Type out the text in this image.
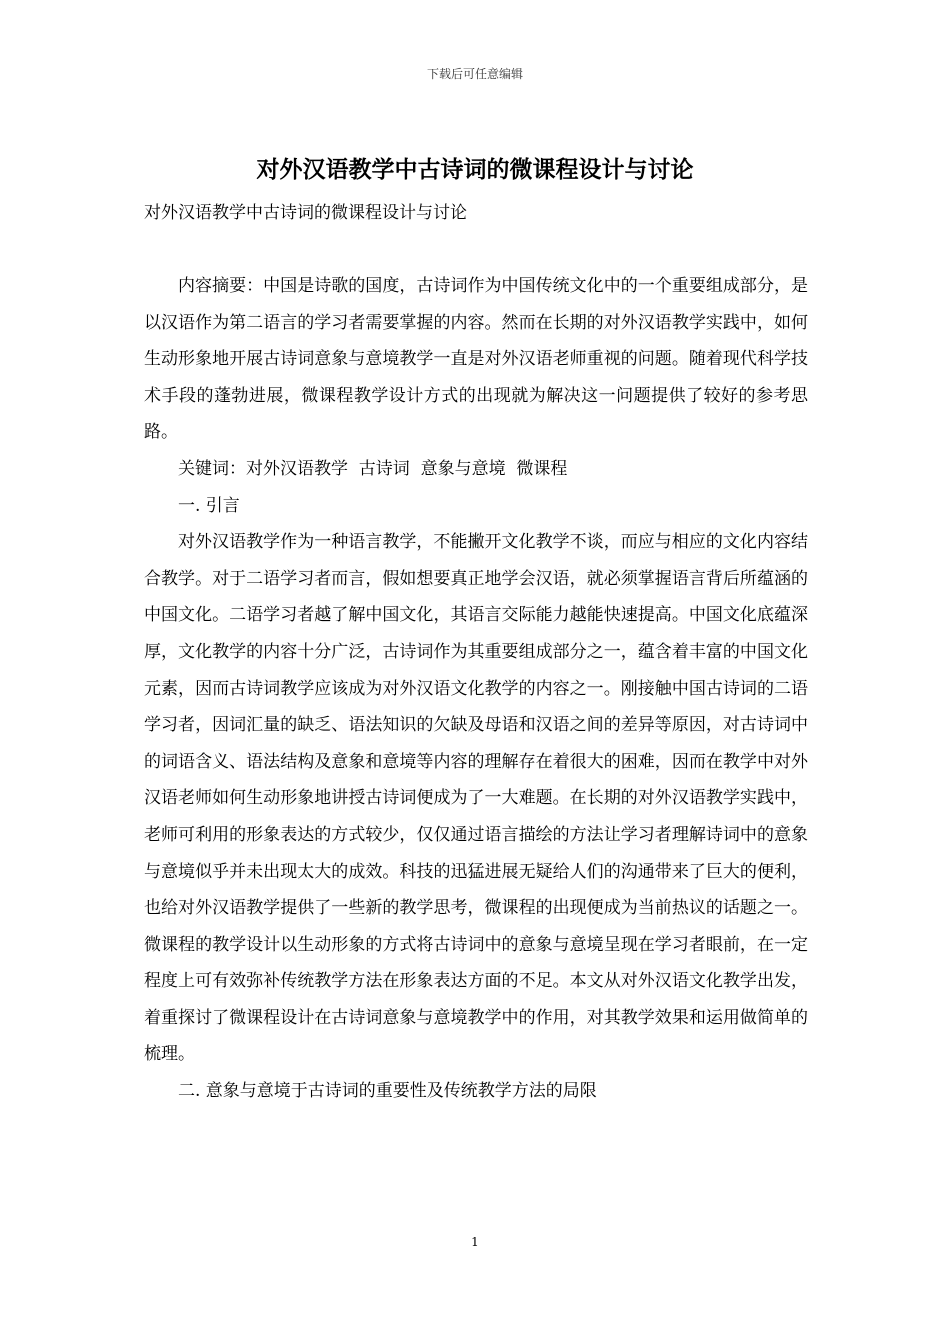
下载后可任意编辑
对外汉语教学中古诗词的微课程设计与讨论

对外汉语教学中古诗词的微课程设计与讨论

内容摘要：中国是诗歌的国度，古诗词作为中国传统文化中的一个重要组成部分，是以汉语作为第二语言的学习者需要掌握的内容。然而在长期的对外汉语教学实践中，如何生动形象地开展古诗词意象与意境教学一直是对外汉语老师重视的问题。随着现代科学技术手段的蓬勃进展，微课程教学设计方式的出现就为解决这一问题提供了较好的参考思路。

关键词：对外汉语教学  古诗词  意象与意境  微课程

一. 引言

对外汉语教学作为一种语言教学，不能撇开文化教学不谈，而应与相应的文化内容结合教学。对于二语学习者而言，假如想要真正地学会汉语，就必须掌握语言背后所蕴涵的中国文化。二语学习者越了解中国文化，其语言交际能力越能快速提高。中国文化底蕴深厚，文化教学的内容十分广泛，古诗词作为其重要组成部分之一，蕴含着丰富的中国文化元素，因而古诗词教学应该成为对外汉语文化教学的内容之一。刚接触中国古诗词的二语学习者，因词汇量的缺乏、语法知识的欠缺及母语和汉语之间的差异等原因，对古诗词中的词语含义、语法结构及意象和意境等内容的理解存在着很大的困难，因而在教学中对外汉语老师如何生动形象地讲授古诗词便成为了一大难题。在长期的对外汉语教学实践中，老师可利用的形象表达的方式较少，仅仅通过语言描绘的方法让学习者理解诗词中的意象与意境似乎并未出现太大的成效。科技的迅猛进展无疑给人们的沟通带来了巨大的便利，也给对外汉语教学提供了一些新的教学思考，微课程的出现便成为当前热议的话题之一。微课程的教学设计以生动形象的方式将古诗词中的意象与意境呈现在学习者眼前，在一定程度上可有效弥补传统教学方法在形象表达方面的不足。本文从对外汉语文化教学出发，着重探讨了微课程设计在古诗词意象与意境教学中的作用，对其教学效果和运用做简单的梳理。

二. 意象与意境于古诗词的重要性及传统教学方法的局限

1
